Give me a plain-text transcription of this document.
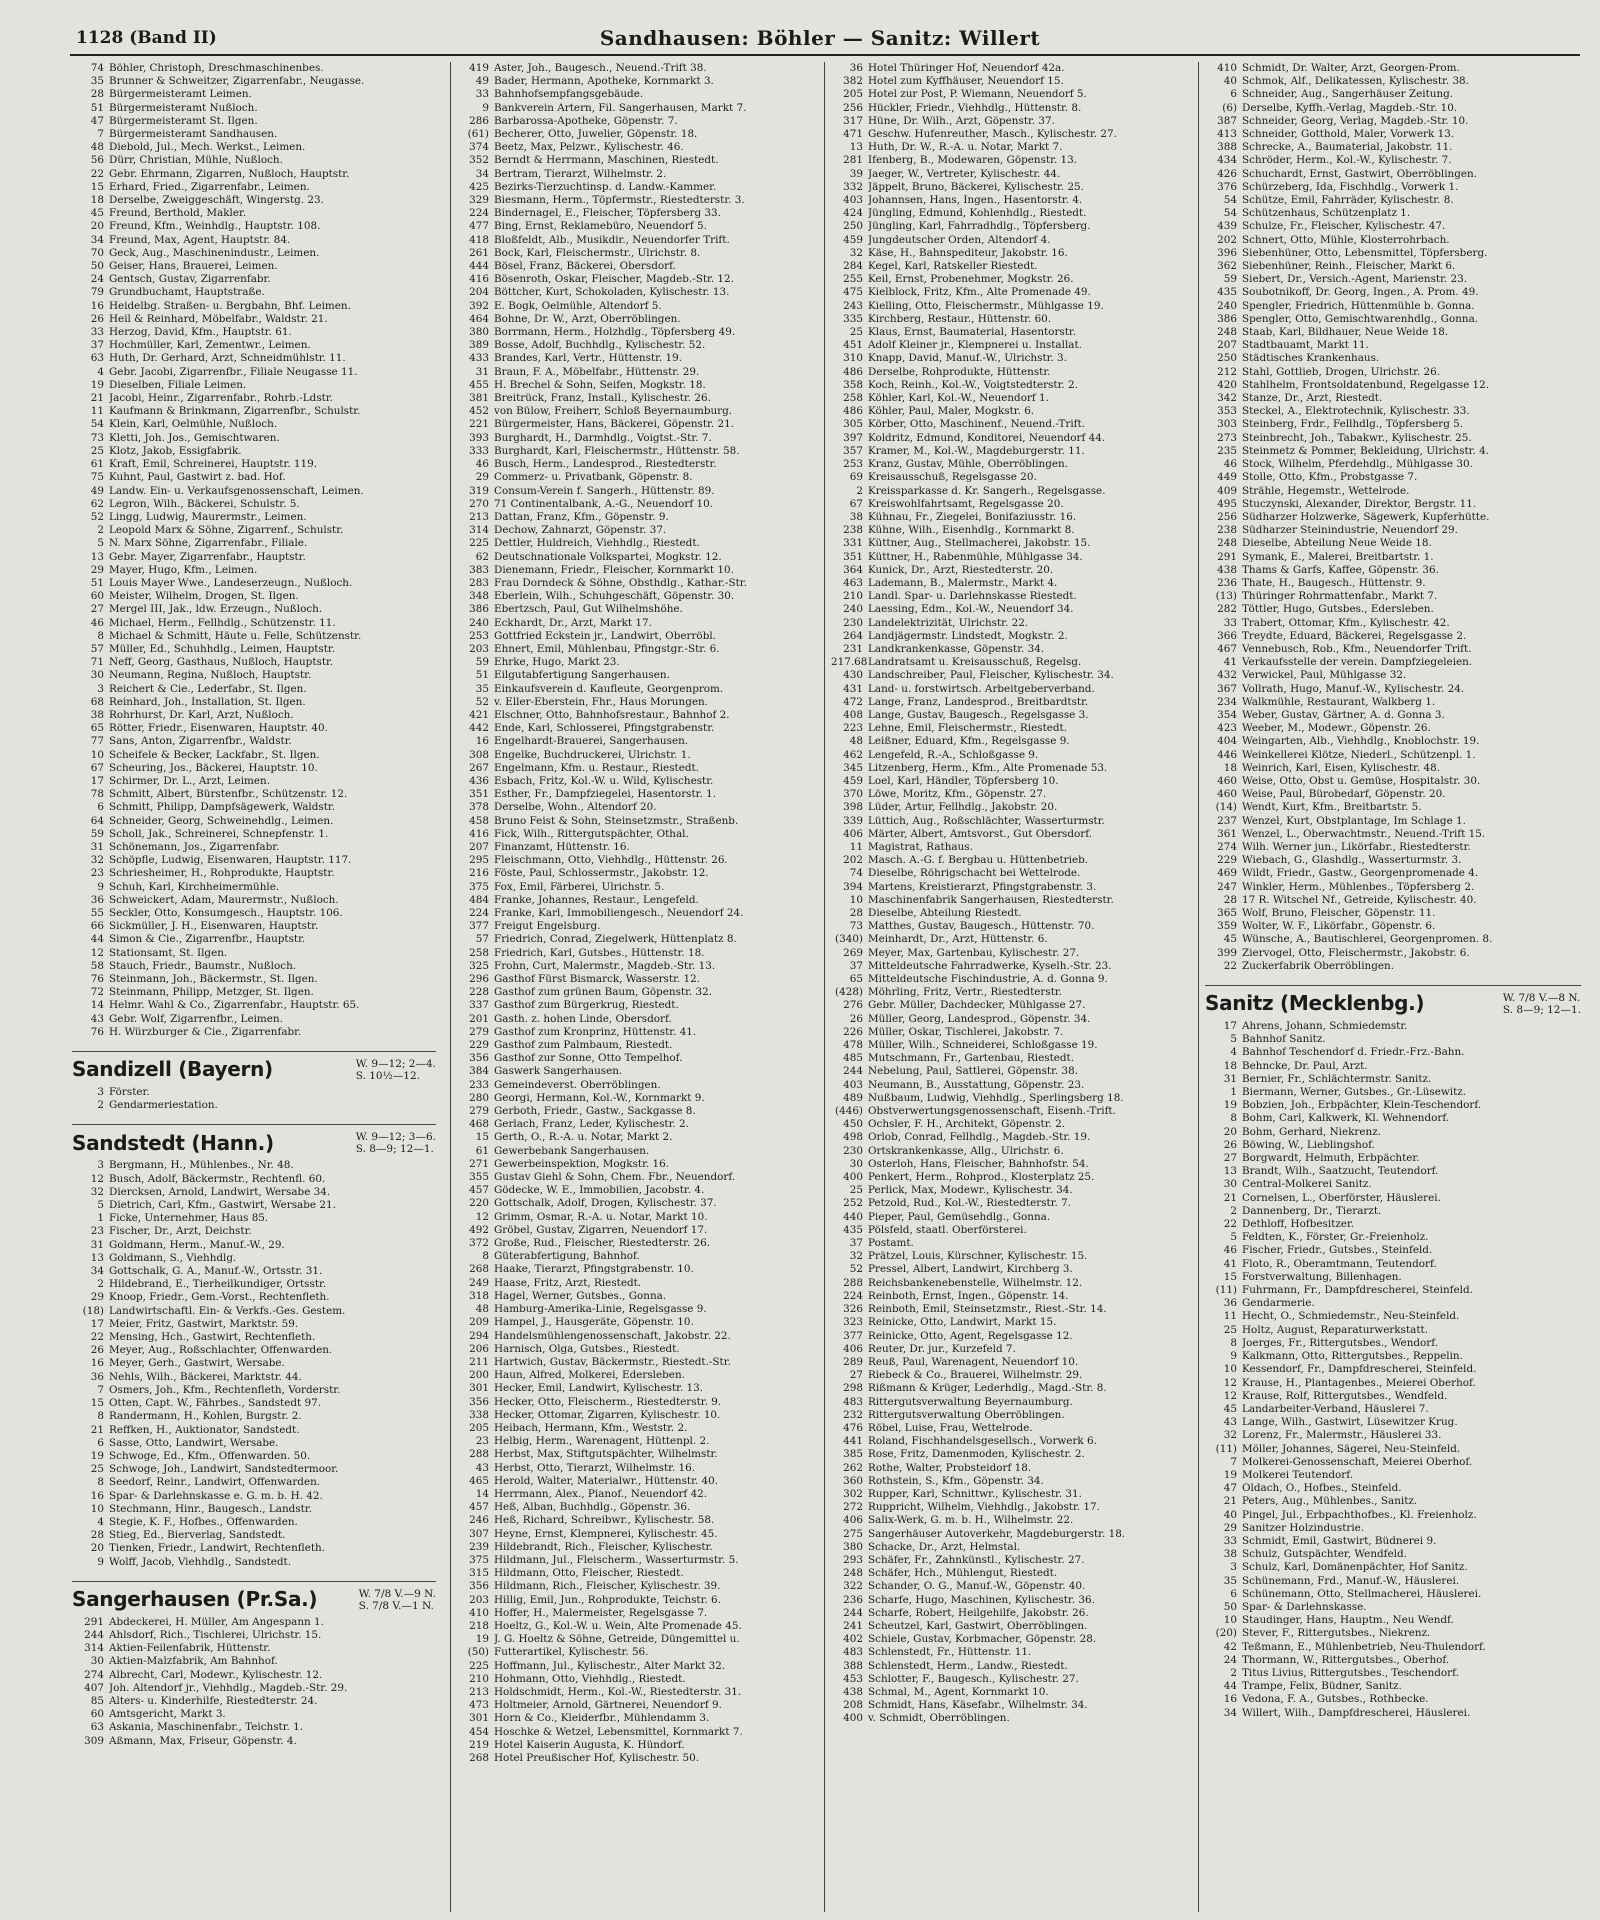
1128 (Band II)	Sandhausen: Böhler — Sanitz: Willert
74 Böhler, Christoph, Dreschmaschinenbes.
35 Brunner & Schweitzer, Zigarrenfabr., Neugasse.
28 Bürgermeisteramt Leimen.
51 Bürgermeisteramt Nußloch.
47 Bürgermeisteramt St. Ilgen.
7 Bürgermeisteramt Sandhausen.
48 Diebold, Jul., Mech. Werkst., Leimen.
56 Dürr, Christian, Mühle, Nußloch.
22 Gebr. Ehrmann, Zigarren, Nußloch, Hauptstr.
15 Erhard, Fried., Zigarrenfabr., Leimen.
18 Derselbe, Zweiggeschäft, Wingerstg. 23.
45 Freund, Berthold, Makler.
20 Freund, Kfm., Weinhdlg., Hauptstr. 108.
34 Freund, Max, Agent, Hauptstr. 84.
70 Geck, Aug., Maschinenindustr., Leimen.
50 Geiser, Hans, Brauerei, Leimen.
24 Gentsch, Gustav, Zigarrenfabr.
79 Grundbuchamt, Hauptstraße.
16 Heidelbg. Straßen- u. Bergbahn, Bhf. Leimen.
26 Heil & Reinhard, Möbelfabr., Waldstr. 21.
33 Herzog, David, Kfm., Hauptstr. 61.
37 Hochmüller, Karl, Zementwr., Leimen.
63 Huth, Dr. Gerhard, Arzt, Schneidmühlstr. 11.
4 Gebr. Jacobi, Zigarrenfbr., Filiale Neugasse 11.
19 Dieselben, Filiale Leimen.
21 Jacobi, Heinr., Zigarrenfabr., Rohrb.-Ldstr.
11 Kaufmann & Brinkmann, Zigarrenfbr., Schulstr.
54 Klein, Karl, Oelmühle, Nußloch.
73 Kletti, Joh. Jos., Gemischtwaren.
25 Klotz, Jakob, Essigfabrik.
61 Kraft, Emil, Schreinerei, Hauptstr. 119.
75 Kuhnt, Paul, Gastwirt z. bad. Hof.
49 Landw. Ein- u. Verkaufsgenossenschaft, Leimen.
62 Legron, Wilh., Bäckerei, Schulstr. 5.
52 Lingg, Ludwig, Maurermstr., Leimen.
2 Leopold Marx & Söhne, Zigarrenf., Schulstr.
5 N. Marx Söhne, Zigarrenfabr., Filiale.
13 Gebr. Mayer, Zigarrenfabr., Hauptstr.
29 Mayer, Hugo, Kfm., Leimen.
51 Louis Mayer Wwe., Landeserzeugn., Nußloch.
60 Meister, Wilhelm, Drogen, St. Ilgen.
27 Mergel III, Jak., ldw. Erzeugn., Nußloch.
46 Michael, Herm., Fellhdlg., Schützenstr. 11.
8 Michael & Schmitt, Häute u. Felle, Schützenstr.
57 Müller, Ed., Schuhhdlg., Leimen, Hauptstr.
71 Neff, Georg, Gasthaus, Nußloch, Hauptstr.
30 Neumann, Regina, Nußloch, Hauptstr.
3 Reichert & Cie., Lederfabr., St. Ilgen.
68 Reinhard, Joh., Installation, St. Ilgen.
38 Rohrhurst, Dr. Karl, Arzt, Nußloch.
65 Rötter, Friedr., Eisenwaren, Hauptstr. 40.
77 Sans, Anton, Zigarrenfbr., Waldstr.
10 Scheifele & Becker, Lackfabr., St. Ilgen.
67 Scheuring, Jos., Bäckerei, Hauptstr. 10.
17 Schirmer, Dr. L., Arzt, Leimen.
78 Schmitt, Albert, Bürstenfbr., Schützenstr. 12.
6 Schmitt, Philipp, Dampfsägewerk, Waldstr.
64 Schneider, Georg, Schweinehdlg., Leimen.
59 Scholl, Jak., Schreinerei, Schnepfenstr. 1.
31 Schönemann, Jos., Zigarrenfabr.
32 Schöpfle, Ludwig, Eisenwaren, Hauptstr. 117.
23 Schriesheimer, H., Rohprodukte, Hauptstr.
9 Schuh, Karl, Kirchheimermühle.
36 Schweickert, Adam, Maurermstr., Nußloch.
55 Seckler, Otto, Konsumgesch., Hauptstr. 106.
66 Sickmüller, J. H., Eisenwaren, Hauptstr.
44 Simon & Cie., Zigarrenfbr., Hauptstr.
12 Stationsamt, St. Ilgen.
58 Stauch, Friedr., Baumstr., Nußloch.
76 Steinmann, Joh., Bäckermstr., St. Ilgen.
72 Steinmann, Philipp, Metzger, St. Ilgen.
14 Helmr. Wahl & Co., Zigarrenfabr., Hauptstr. 65.
43 Gebr. Wolf, Zigarrenfbr., Leimen.
76 H. Würzburger & Cie., Zigarrenfabr.
Sandizell (Bayern)	W. 9—12; 2—4.
S. 10½—12.
3 Förster.
2 Gendarmeriestation.
Sandstedt (Hann.)	W. 9—12; 3—6.
S. 8—9; 12—1.
3 Bergmann, H., Mühlenbes., Nr. 48.
12 Busch, Adolf, Bäckermstr., Rechtenfl. 60.
32 Diercksen, Arnold, Landwirt, Wersabe 34.
5 Dietrich, Carl, Kfm., Gastwirt, Wersabe 21.
1 Ficke, Unternehmer, Haus 85.
23 Fischer, Dr., Arzt, Deichstr.
31 Goldmann, Herm., Manuf.-W., 29.
13 Goldmann, S., Viehhdlg.
34 Gottschalk, G. A., Manuf.-W., Ortsstr. 31.
2 Hildebrand, E., Tierheilkundiger, Ortsstr.
29 Knoop, Friedr., Gem.-Vorst., Rechtenfleth.
(18) Landwirtschaftl. Ein- & Verkfs.-Ges. Gestem.
17 Meier, Fritz, Gastwirt, Marktstr. 59.
22 Mensing, Hch., Gastwirt, Rechtenfleth.
26 Meyer, Aug., Roßschlachter, Offenwarden.
16 Meyer, Gerh., Gastwirt, Wersabe.
36 Nehls, Wilh., Bäckerei, Marktstr. 44.
7 Osmers, Joh., Kfm., Rechtenfleth, Vorderstr.
15 Otten, Capt. W., Fährbes., Sandstedt 97.
8 Randermann, H., Kohlen, Burgstr. 2.
21 Reffken, H., Auktionator, Sandstedt.
6 Sasse, Otto, Landwirt, Wersabe.
19 Schwoge, Ed., Kfm., Offenwarden. 50.
25 Schwoge, Joh., Landwirt, Sandstedtermoor.
8 Seedorf, Reinr., Landwirt, Offenwarden.
16 Spar- & Darlehnskasse e. G. m. b. H. 42.
10 Stechmann, Hinr., Baugesch., Landstr.
4 Stegie, K. F., Hofbes., Offenwarden.
28 Stieg, Ed., Bierverlag, Sandstedt.
20 Tienken, Friedr., Landwirt, Rechtenfleth.
9 Wolff, Jacob, Viehhdlg., Sandstedt.
Sangerhausen (Pr.Sa.)	W. 7/8 V.—9 N.
S. 7/8 V.—1 N.
291 Abdeckerei, H. Müller, Am Angespann 1.
244 Ahlsdorf, Rich., Tischlerei, Ulrichstr. 15.
314 Aktien-Feilenfabrik, Hüttenstr.
30 Aktien-Malzfabrik, Am Bahnhof.
274 Albrecht, Carl, Modewr., Kylischestr. 12.
407 Joh. Altendorf jr., Viehhdlg., Magdeb.-Str. 29.
85 Alters- u. Kinderhilfe, Riestedterstr. 24.
60 Amtsgericht, Markt 3.
63 Askania, Maschinenfabr., Teichstr. 1.
309 Aßmann, Max, Friseur, Göpenstr. 4.
419 Aster, Joh., Baugesch., Neuend.-Trift 38.
49 Bader, Hermann, Apotheke, Kornmarkt 3.
33 Bahnhofsempfangsgebäude.
9 Bankverein Artern, Fil. Sangerhausen, Markt 7.
286 Barbarossa-Apotheke, Göpenstr. 7.
(61) Becherer, Otto, Juwelier, Göpenstr. 18.
374 Beetz, Max, Pelzwr., Kylischestr. 46.
352 Berndt & Herrmann, Maschinen, Riestedt.
34 Bertram, Tierarzt, Wilhelmstr. 2.
425 Bezirks-Tierzuchtinsp. d. Landw.-Kammer.
329 Biesmann, Herm., Töpfermstr., Riestedterstr. 3.
224 Bindernagel, E., Fleischer, Töpfersberg 33.
477 Bing, Ernst, Reklamebüro, Neuendorf 5.
418 Bloßfeldt, Alb., Musikdir., Neuendorfer Trift.
261 Bock, Karl, Fleischermstr., Ulrichstr. 8.
444 Bösel, Franz, Bäckerei, Obersdorf.
416 Bösenroth, Oskar, Fleischer, Magdeb.-Str. 12.
204 Böttcher, Kurt, Schokoladen, Kylischestr. 13.
392 E. Bogk, Oelmühle, Altendorf 5.
464 Bohne, Dr. W., Arzt, Oberröblingen.
380 Borrmann, Herm., Holzhdlg., Töpfersberg 49.
389 Bosse, Adolf, Buchhdlg., Kylischestr. 52.
433 Brandes, Karl, Vertr., Hüttenstr. 19.
31 Braun, F. A., Möbelfabr., Hüttenstr. 29.
455 H. Brechel & Sohn, Seifen, Mogkstr. 18.
381 Breitrück, Franz, Install., Kylischestr. 26.
452 von Bülow, Freiherr, Schloß Beyernaumburg.
221 Bürgermeister, Hans, Bäckerei, Göpenstr. 21.
393 Burghardt, H., Darmhdlg., Voigtst.-Str. 7.
333 Burghardt, Karl, Fleischermstr., Hüttenstr. 58.
46 Busch, Herm., Landesprod., Riestedterstr.
29 Commerz- u. Privatbank, Göpenstr. 8.
319 Consum-Verein f. Sangerh., Hüttenstr. 89.
270 71 Continentalbank, A.-G., Neuendorf 10.
213 Dattan, Franz, Kfm., Göpenstr. 9.
314 Dechow, Zahnarzt, Göpenstr. 37.
225 Dettler, Huldreich, Viehhdlg., Riestedt.
62 Deutschnationale Volkspartei, Mogkstr. 12.
383 Dienemann, Friedr., Fleischer, Kornmarkt 10.
283 Frau Dorndeck & Söhne, Obsthdlg., Kathar.-Str.
348 Eberlein, Wilh., Schuhgeschäft, Göpenstr. 30.
386 Ebertzsch, Paul, Gut Wilhelmshöhe.
240 Eckhardt, Dr., Arzt, Markt 17.
253 Gottfried Eckstein jr., Landwirt, Oberröbl.
203 Ehnert, Emil, Mühlenbau, Pfingstgr.-Str. 6.
59 Ehrke, Hugo, Markt 23.
51 Eilgutabfertigung Sangerhausen.
35 Einkaufsverein d. Kaufleute, Georgenprom.
52 v. Eller-Eberstein, Fhr., Haus Morungen.
421 Elschner, Otto, Bahnhofsrestaur., Bahnhof 2.
442 Ende, Karl, Schlosserei, Pfingstgrabenstr.
16 Engelhardt-Brauerei, Sangerhausen.
308 Engelke, Buchdruckerei, Ulrichstr. 1.
267 Engelmann, Kfm. u. Restaur., Riestedt.
436 Esbach, Fritz, Kol.-W. u. Wild, Kylischestr.
351 Esther, Fr., Dampfziegelei, Hasentorstr. 1.
378 Derselbe, Wohn., Altendorf 20.
458 Bruno Feist & Sohn, Steinsetzmstr., Straßenb.
416 Fick, Wilh., Rittergutspächter, Othal.
207 Finanzamt, Hüttenstr. 16.
295 Fleischmann, Otto, Viehhdlg., Hüttenstr. 26.
216 Föste, Paul, Schlossermstr., Jakobstr. 12.
375 Fox, Emil, Färberei, Ulrichstr. 5.
484 Franke, Johannes, Restaur., Lengefeld.
224 Franke, Karl, Immobiliengesch., Neuendorf 24.
377 Freigut Engelsburg.
57 Friedrich, Conrad, Ziegelwerk, Hüttenplatz 8.
258 Friedrich, Karl, Gutsbes., Hüttenstr. 18.
325 Frohn, Curt, Malermstr., Magdeb.-Str. 13.
296 Gasthof Fürst Bismarck, Wasserstr. 12.
228 Gasthof zum grünen Baum, Göpenstr. 32.
337 Gasthof zum Bürgerkrug, Riestedt.
201 Gasth. z. hohen Linde, Obersdorf.
279 Gasthof zum Kronprinz, Hüttenstr. 41.
229 Gasthof zum Palmbaum, Riestedt.
356 Gasthof zur Sonne, Otto Tempelhof.
384 Gaswerk Sangerhausen.
233 Gemeindeverst. Oberröblingen.
280 Georgi, Hermann, Kol.-W., Kornmarkt 9.
279 Gerboth, Friedr., Gastw., Sackgasse 8.
468 Gerlach, Franz, Leder, Kylischestr. 2.
15 Gerth, O., R.-A. u. Notar, Markt 2.
61 Gewerbebank Sangerhausen.
271 Gewerbeinspektion, Mogkstr. 16.
355 Gustav Giehl & Sohn, Chem. Fbr., Neuendorf.
457 Gödecke, W. E., Immobilien, Jacobstr. 4.
220 Gottschalk, Adolf, Drogen, Kylischestr. 37.
12 Grimm, Osmar, R.-A. u. Notar, Markt 10.
492 Gröbel, Gustav, Zigarren, Neuendorf 17.
372 Große, Rud., Fleischer, Riestedterstr. 26.
8 Güterabfertigung, Bahnhof.
268 Haake, Tierarzt, Pfingstgrabenstr. 10.
249 Haase, Fritz, Arzt, Riestedt.
318 Hagel, Werner, Gutsbes., Gonna.
48 Hamburg-Amerika-Linie, Regelsgasse 9.
209 Hampel, J., Hausgeräte, Göpenstr. 10.
294 Handelsmühlengenossenschaft, Jakobstr. 22.
206 Harnisch, Olga, Gutsbes., Riestedt.
211 Hartwich, Gustav, Bäckermstr., Riestedt.-Str.
200 Haun, Alfred, Molkerei, Edersleben.
301 Hecker, Emil, Landwirt, Kylischestr. 13.
356 Hecker, Otto, Fleischerm., Riestedterstr. 9.
338 Hecker, Ottomar, Zigarren, Kylischestr. 10.
205 Heibach, Hermann, Kfm., Weststr. 2.
23 Helbig, Herm., Warenagent, Hüttenpl. 2.
288 Herbst, Max, Stiftgutspächter, Wilhelmstr.
43 Herbst, Otto, Tierarzt, Wilhelmstr. 16.
465 Herold, Walter, Materialwr., Hüttenstr. 40.
14 Herrmann, Alex., Pianof., Neuendorf 42.
457 Heß, Alban, Buchhdlg., Göpenstr. 36.
246 Heß, Richard, Schreibwr., Kylischestr. 58.
307 Heyne, Ernst, Klempnerei, Kylischestr. 45.
239 Hildebrandt, Rich., Fleischer, Kylischestr.
375 Hildmann, Jul., Fleischerm., Wasserturmstr. 5.
315 Hildmann, Otto, Fleischer, Riestedt.
356 Hildmann, Rich., Fleischer, Kylischestr. 39.
203 Hillig, Emil, Jun., Rohprodukte, Teichstr. 6.
410 Hoffer, H., Malermeister, Regelsgasse 7.
218 Hoeltz, G., Kol.-W. u. Wein, Alte Promenade 45.
19 J. G. Hoeltz & Söhne, Getreide, Düngemittel u.
(50) Futterartikel, Kylischestr. 56.
225 Hoffmann, Jul., Kylischestr., Alter Markt 32.
210 Hohmann, Otto, Viehhdlg., Riestedt.
213 Holdschmidt, Herm., Kol.-W., Riestedterstr. 31.
473 Holtmeier, Arnold, Gärtnerei, Neuendorf 9.
301 Horn & Co., Kleiderfbr., Mühlendamm 3.
454 Hoschke & Wetzel, Lebensmittel, Kornmarkt 7.
219 Hotel Kaiserin Augusta, K. Hündorf.
268 Hotel Preußischer Hof, Kylischestr. 50.
36 Hotel Thüringer Hof, Neuendorf 42a.
382 Hotel zum Kyffhäuser, Neuendorf 15.
205 Hotel zur Post, P. Wiemann, Neuendorf 5.
256 Hückler, Friedr., Viehhdlg., Hüttenstr. 8.
317 Hüne, Dr. Wilh., Arzt, Göpenstr. 37.
471 Geschw. Hufenreuther, Masch., Kylischestr. 27.
13 Huth, Dr. W., R.-A. u. Notar, Markt 7.
281 Ifenberg, B., Modewaren, Göpenstr. 13.
39 Jaeger, W., Vertreter, Kylischestr. 44.
332 Jäppelt, Bruno, Bäckerei, Kylischestr. 25.
403 Johannsen, Hans, Ingen., Hasentorstr. 4.
424 Jüngling, Edmund, Kohlenhdlg., Riestedt.
250 Jüngling, Karl, Fahrradhdlg., Töpfersberg.
459 Jungdeutscher Orden, Altendorf 4.
32 Käse, H., Bahnspediteur, Jakobstr. 16.
284 Kegel, Karl, Ratskeller Riestedt.
255 Keil, Ernst, Probenehmer, Mogkstr. 26.
475 Kielblock, Fritz, Kfm., Alte Promenade 49.
243 Kielling, Otto, Fleischermstr., Mühlgasse 19.
335 Kirchberg, Restaur., Hüttenstr. 60.
25 Klaus, Ernst, Baumaterial, Hasentorstr.
451 Adolf Kleiner jr., Klempnerei u. Installat.
310 Knapp, David, Manuf.-W., Ulrichstr. 3.
486 Derselbe, Rohprodukte, Hüttenstr.
358 Koch, Reinh., Kol.-W., Voigtstedterstr. 2.
258 Köhler, Karl, Kol.-W., Neuendorf 1.
486 Köhler, Paul, Maler, Mogkstr. 6.
305 Körber, Otto, Maschinenf., Neuend.-Trift.
397 Koldritz, Edmund, Konditorei, Neuendorf 44.
357 Kramer, M., Kol.-W., Magdeburgerstr. 11.
253 Kranz, Gustav, Mühle, Oberröblingen.
69 Kreisausschuß, Regelsgasse 20.
2 Kreissparkasse d. Kr. Sangerh., Regelsgasse.
67 Kreiswohlfahrtsamt, Regelsgasse 20.
38 Kühnau, Fr., Ziegelei, Bonifaziusstr. 16.
238 Kühne, Wilh., Eisenhdlg., Kornmarkt 8.
331 Küttner, Aug., Stellmacherei, Jakobstr. 15.
351 Küttner, H., Rabenmühle, Mühlgasse 34.
364 Kunick, Dr., Arzt, Riestedterstr. 20.
463 Lademann, B., Malermstr., Markt 4.
210 Landl. Spar- u. Darlehnskasse Riestedt.
240 Laessing, Edm., Kol.-W., Neuendorf 34.
230 Landelektrizität, Ulrichstr. 22.
264 Landjägermstr. Lindstedt, Mogkstr. 2.
231 Landkrankenkasse, Göpenstr. 34.
217.68 Landratsamt u. Kreisausschuß, Regelsg.
430 Landschreiber, Paul, Fleischer, Kylischestr. 34.
431 Land- u. forstwirtsch. Arbeitgeberverband.
472 Lange, Franz, Landesprod., Breitbardtstr.
408 Lange, Gustav, Baugesch., Regelsgasse 3.
223 Lehne, Emil, Fleischermstr., Riestedt.
48 Leißner, Eduard, Kfm., Regelsgasse 9.
462 Lengefeld, R.-A., Schloßgasse 9.
345 Litzenberg, Herm., Kfm., Alte Promenade 53.
459 Loel, Karl, Händler, Töpfersberg 10.
370 Löwe, Moritz, Kfm., Göpenstr. 27.
398 Lüder, Artur, Fellhdlg., Jakobstr. 20.
339 Lüttich, Aug., Roßschlächter, Wasserturmstr.
406 Märter, Albert, Amtsvorst., Gut Obersdorf.
11 Magistrat, Rathaus.
202 Masch. A.-G. f. Bergbau u. Hüttenbetrieb.
74 Dieselbe, Röhrigschacht bei Wettelrode.
394 Martens, Kreistierarzt, Pfingstgrabenstr. 3.
10 Maschinenfabrik Sangerhausen, Riestedterstr.
28 Dieselbe, Abteilung Riestedt.
73 Matthes, Gustav, Baugesch., Hüttenstr. 70.
(340) Meinhardt, Dr., Arzt, Hüttenstr. 6.
269 Meyer, Max, Gartenbau, Kylischestr. 27.
37 Mitteldeutsche Fahrradwerke, Kyselh.-Str. 23.
65 Mitteldeutsche Fischindustrie, A. d. Gonna 9.
(428) Möhrling, Fritz, Vertr., Riestedterstr.
276 Gebr. Müller, Dachdecker, Mühlgasse 27.
26 Müller, Georg, Landesprod., Göpenstr. 34.
226 Müller, Oskar, Tischlerei, Jakobstr. 7.
478 Müller, Wilh., Schneiderei, Schloßgasse 19.
485 Mutschmann, Fr., Gartenbau, Riestedt.
244 Nebelung, Paul, Sattlerei, Göpenstr. 38.
403 Neumann, B., Ausstattung, Göpenstr. 23.
489 Nußbaum, Ludwig, Viehhdlg., Sperlingsberg 18.
(446) Obstverwertungsgenossenschaft, Eisenh.-Trift.
450 Ochsler, F. H., Architekt, Göpenstr. 2.
498 Orlob, Conrad, Fellhdlg., Magdeb.-Str. 19.
230 Ortskrankenkasse, Allg., Ulrichstr. 6.
30 Osterloh, Hans, Fleischer, Bahnhofstr. 54.
400 Penkert, Herm., Rohprod., Klosterplatz 25.
25 Perlick, Max, Modewr., Kylischestr. 34.
252 Petzold, Rud., Kol.-W., Riestedterstr. 7.
440 Pieper, Paul, Gemüsehdlg., Gonna.
435 Pölsfeld, staatl. Oberförsterei.
37 Postamt.
32 Prätzel, Louis, Kürschner, Kylischestr. 15.
52 Pressel, Albert, Landwirt, Kirchberg 3.
288 Reichsbankenebenstelle, Wilhelmstr. 12.
224 Reinboth, Ernst, Ingen., Göpenstr. 14.
326 Reinboth, Emil, Steinsetzmstr., Riest.-Str. 14.
323 Reinicke, Otto, Landwirt, Markt 15.
377 Reinicke, Otto, Agent, Regelsgasse 12.
406 Reuter, Dr. jur., Kurzefeld 7.
289 Reuß, Paul, Warenagent, Neuendorf 10.
27 Riebeck & Co., Brauerei, Wilhelmstr. 29.
298 Rißmann & Krüger, Lederhdlg., Magd.-Str. 8.
483 Rittergutsverwaltung Beyernaumburg.
232 Rittergutsverwaltung Oberröblingen.
476 Röbel, Luise, Frau, Wettelrode.
441 Roland, Fischhandelsgesellsch., Vorwerk 6.
385 Rose, Fritz, Damenmoden, Kylischestr. 2.
262 Rothe, Walter, Probsteidorf 18.
360 Rothstein, S., Kfm., Göpenstr. 34.
302 Rupper, Karl, Schnittwr., Kylischestr. 31.
272 Ruppricht, Wilhelm, Viehhdlg., Jakobstr. 17.
406 Salix-Werk, G. m. b. H., Wilhelmstr. 22.
275 Sangerhäuser Autoverkehr, Magdeburgerstr. 18.
380 Schacke, Dr., Arzt, Helmstal.
293 Schäfer, Fr., Zahnkünstl., Kylischestr. 27.
248 Schäfer, Hch., Mühlengut, Riestedt.
322 Schander, O. G., Manuf.-W., Göpenstr. 40.
236 Scharfe, Hugo, Maschinen, Kylischestr. 36.
244 Scharfe, Robert, Heilgehilfe, Jakobstr. 26.
241 Scheutzel, Karl, Gastwirt, Oberröblingen.
402 Schiele, Gustav, Korbmacher, Göpenstr. 28.
483 Schlenstedt, Fr., Hüttenstr. 11.
388 Schlenstedt, Herm., Landw., Riestedt.
453 Schlotter, F., Baugesch., Kylischestr. 27.
438 Schmal, M., Agent, Kornmarkt 10.
208 Schmidt, Hans, Käsefabr., Wilhelmstr. 34.
400 v. Schmidt, Oberröblingen.
410 Schmidt, Dr. Walter, Arzt, Georgen-Prom.
40 Schmok, Alf., Delikatessen, Kylischestr. 38.
6 Schneider, Aug., Sangerhäuser Zeitung.
(6) Derselbe, Kyffh.-Verlag, Magdeb.-Str. 10.
387 Schneider, Georg, Verlag, Magdeb.-Str. 10.
413 Schneider, Gotthold, Maler, Vorwerk 13.
388 Schrecke, A., Baumaterial, Jakobstr. 11.
434 Schröder, Herm., Kol.-W., Kylischestr. 7.
426 Schuchardt, Ernst, Gastwirt, Oberröblingen.
376 Schürzeberg, Ida, Fischhdlg., Vorwerk 1.
54 Schütze, Emil, Fahrräder, Kylischestr. 8.
54 Schützenhaus, Schützenplatz 1.
439 Schulze, Fr., Fleischer, Kylischestr. 47.
202 Schnert, Otto, Mühle, Klosterrohrbach.
396 Siebenhüner, Otto, Lebensmittel, Töpfersberg.
362 Siebenhüner, Reinh., Fleischer, Markt 6.
59 Siebert, Dr., Versich.-Agent, Marienstr. 23.
435 Soubotnikoff, Dr. Georg, Ingen., A. Prom. 49.
240 Spengler, Friedrich, Hüttenmühle b. Gonna.
386 Spengler, Otto, Gemischtwarenhdlg., Gonna.
248 Staab, Karl, Bildhauer, Neue Weide 18.
207 Stadtbauamt, Markt 11.
250 Städtisches Krankenhaus.
212 Stahl, Gottlieb, Drogen, Ulrichstr. 26.
420 Stahlhelm, Frontsoldatenbund, Regelgasse 12.
342 Stanze, Dr., Arzt, Riestedt.
353 Steckel, A., Elektrotechnik, Kylischestr. 33.
303 Steinberg, Frdr., Fellhdlg., Töpfersberg 5.
273 Steinbrecht, Joh., Tabakwr., Kylischestr. 25.
235 Steinmetz & Pommer, Bekleidung, Ulrichstr. 4.
46 Stock, Wilhelm, Pferdehdlg., Mühlgasse 30.
449 Stolle, Otto, Kfm., Probstgasse 7.
409 Strähle, Hegemstr., Wettelrode.
495 Stuczynski, Alexander, Direktor, Bergstr. 11.
256 Südharzer Holzwerke, Sägewerk, Kupferhütte.
238 Südharzer Steinindustrie, Neuendorf 29.
248 Dieselbe, Abteilung Neue Weide 18.
291 Symank, E., Malerei, Breitbartstr. 1.
438 Thams & Garfs, Kaffee, Göpenstr. 36.
236 Thate, H., Baugesch., Hüttenstr. 9.
(13) Thüringer Rohrmattenfabr., Markt 7.
282 Töttler, Hugo, Gutsbes., Edersleben.
33 Trabert, Ottomar, Kfm., Kylischestr. 42.
366 Treydte, Eduard, Bäckerei, Regelsgasse 2.
467 Vennebusch, Rob., Kfm., Neuendorfer Trift.
41 Verkaufsstelle der verein. Dampfziegeleien.
432 Verwickel, Paul, Mühlgasse 32.
367 Vollrath, Hugo, Manuf.-W., Kylischestr. 24.
234 Walkmühle, Restaurant, Walkberg 1.
354 Weber, Gustav, Gärtner, A. d. Gonna 3.
423 Weeber, M., Modewr., Göpenstr. 26.
404 Weingarten, Alb., Viehhdlg., Knoblochstr. 19.
446 Weinkellerei Klötze, Niederl., Schützenpl. 1.
18 Weinrich, Karl, Eisen, Kylischestr. 48.
460 Weise, Otto, Obst u. Gemüse, Hospitalstr. 30.
460 Weise, Paul, Bürobedarf, Göpenstr. 20.
(14) Wendt, Kurt, Kfm., Breitbartstr. 5.
237 Wenzel, Kurt, Obstplantage, Im Schlage 1.
361 Wenzel, L., Oberwachtmstr., Neuend.-Trift 15.
274 Wilh. Werner jun., Likörfabr., Riestedterstr.
229 Wiebach, G., Glashdlg., Wasserturmstr. 3.
469 Wildt, Friedr., Gastw., Georgenpromenade 4.
247 Winkler, Herm., Mühlenbes., Töpfersberg 2.
28 17 R. Witschel Nf., Getreide, Kylischestr. 40.
365 Wolf, Bruno, Fleischer, Göpenstr. 11.
359 Wolter, W. F., Likörfabr., Göpenstr. 6.
45 Wünsche, A., Bautischlerei, Georgenpromen. 8.
399 Ziervogel, Otto, Fleischermstr., Jakobstr. 6.
22 Zuckerfabrik Oberröblingen.
Sanitz (Mecklenbg.)	W. 7/8 V.—8 N.
S. 8—9; 12—1.
17 Ahrens, Johann, Schmiedemstr.
5 Bahnhof Sanitz.
4 Bahnhof Teschendorf d. Friedr.-Frz.-Bahn.
18 Behncke, Dr. Paul, Arzt.
31 Bernier, Fr., Schlächtermstr. Sanitz.
1 Biermann, Werner, Gutsbes., Gr.-Lüsewitz.
19 Bobzien, Joh., Erbpächter, Klein-Teschendorf.
8 Bohm, Carl, Kalkwerk, Kl. Wehnendorf.
20 Bohm, Gerhard, Niekrenz.
26 Böwing, W., Lieblingshof.
27 Borgwardt, Helmuth, Erbpächter.
13 Brandt, Wilh., Saatzucht, Teutendorf.
30 Central-Molkerei Sanitz.
21 Cornelsen, L., Oberförster, Häuslerei.
2 Dannenberg, Dr., Tierarzt.
22 Dethloff, Hofbesitzer.
5 Feldten, K., Förster, Gr.-Freienholz.
46 Fischer, Friedr., Gutsbes., Steinfeld.
41 Floto, R., Oberamtmann, Teutendorf.
15 Forstverwaltung, Billenhagen.
(11) Fuhrmann, Fr., Dampfdrescherei, Steinfeld.
36 Gendarmerie.
11 Hecht, O., Schmiedemstr., Neu-Steinfeld.
25 Holtz, August, Reparaturwerkstatt.
8 Joerges, Fr., Rittergutsbes., Wendorf.
9 Kalkmann, Otto, Rittergutsbes., Reppelin.
10 Kessendorf, Fr., Dampfdrescherei, Steinfeld.
12 Krause, H., Plantagenbes., Meierei Oberhof.
12 Krause, Rolf, Rittergutsbes., Wendfeld.
45 Landarbeiter-Verband, Häuslerei 7.
43 Lange, Wilh., Gastwirt, Lüsewitzer Krug.
32 Lorenz, Fr., Malermstr., Häuslerei 33.
(11) Möller, Johannes, Sägerei, Neu-Steinfeld.
7 Molkerei-Genossenschaft, Meierei Oberhof.
19 Molkerei Teutendorf.
47 Oldach, O., Hofbes., Steinfeld.
21 Peters, Aug., Mühlenbes., Sanitz.
40 Pingel, Jul., Erbpachthofbes., Kl. Freienholz.
29 Sanitzer Holzindustrie.
33 Schmidt, Emil, Gastwirt, Büdnerei 9.
38 Schulz, Gutspächter, Wendfeld.
3 Schulz, Karl, Domänenpächter, Hof Sanitz.
35 Schünemann, Frd., Manuf.-W., Häuslerei.
6 Schünemann, Otto, Stellmacherei, Häuslerei.
50 Spar- & Darlehnskasse.
10 Staudinger, Hans, Hauptm., Neu Wendf.
(20) Stever, F., Rittergutsbes., Niekrenz.
42 Teßmann, E., Mühlenbetrieb, Neu-Thulendorf.
24 Thormann, W., Rittergutsbes., Oberhof.
2 Titus Livius, Rittergutsbes., Teschendorf.
44 Trampe, Felix, Büdner, Sanitz.
16 Vedona, F. A., Gutsbes., Rothbecke.
34 Willert, Wilh., Dampfdrescherei, Häuslerei.
